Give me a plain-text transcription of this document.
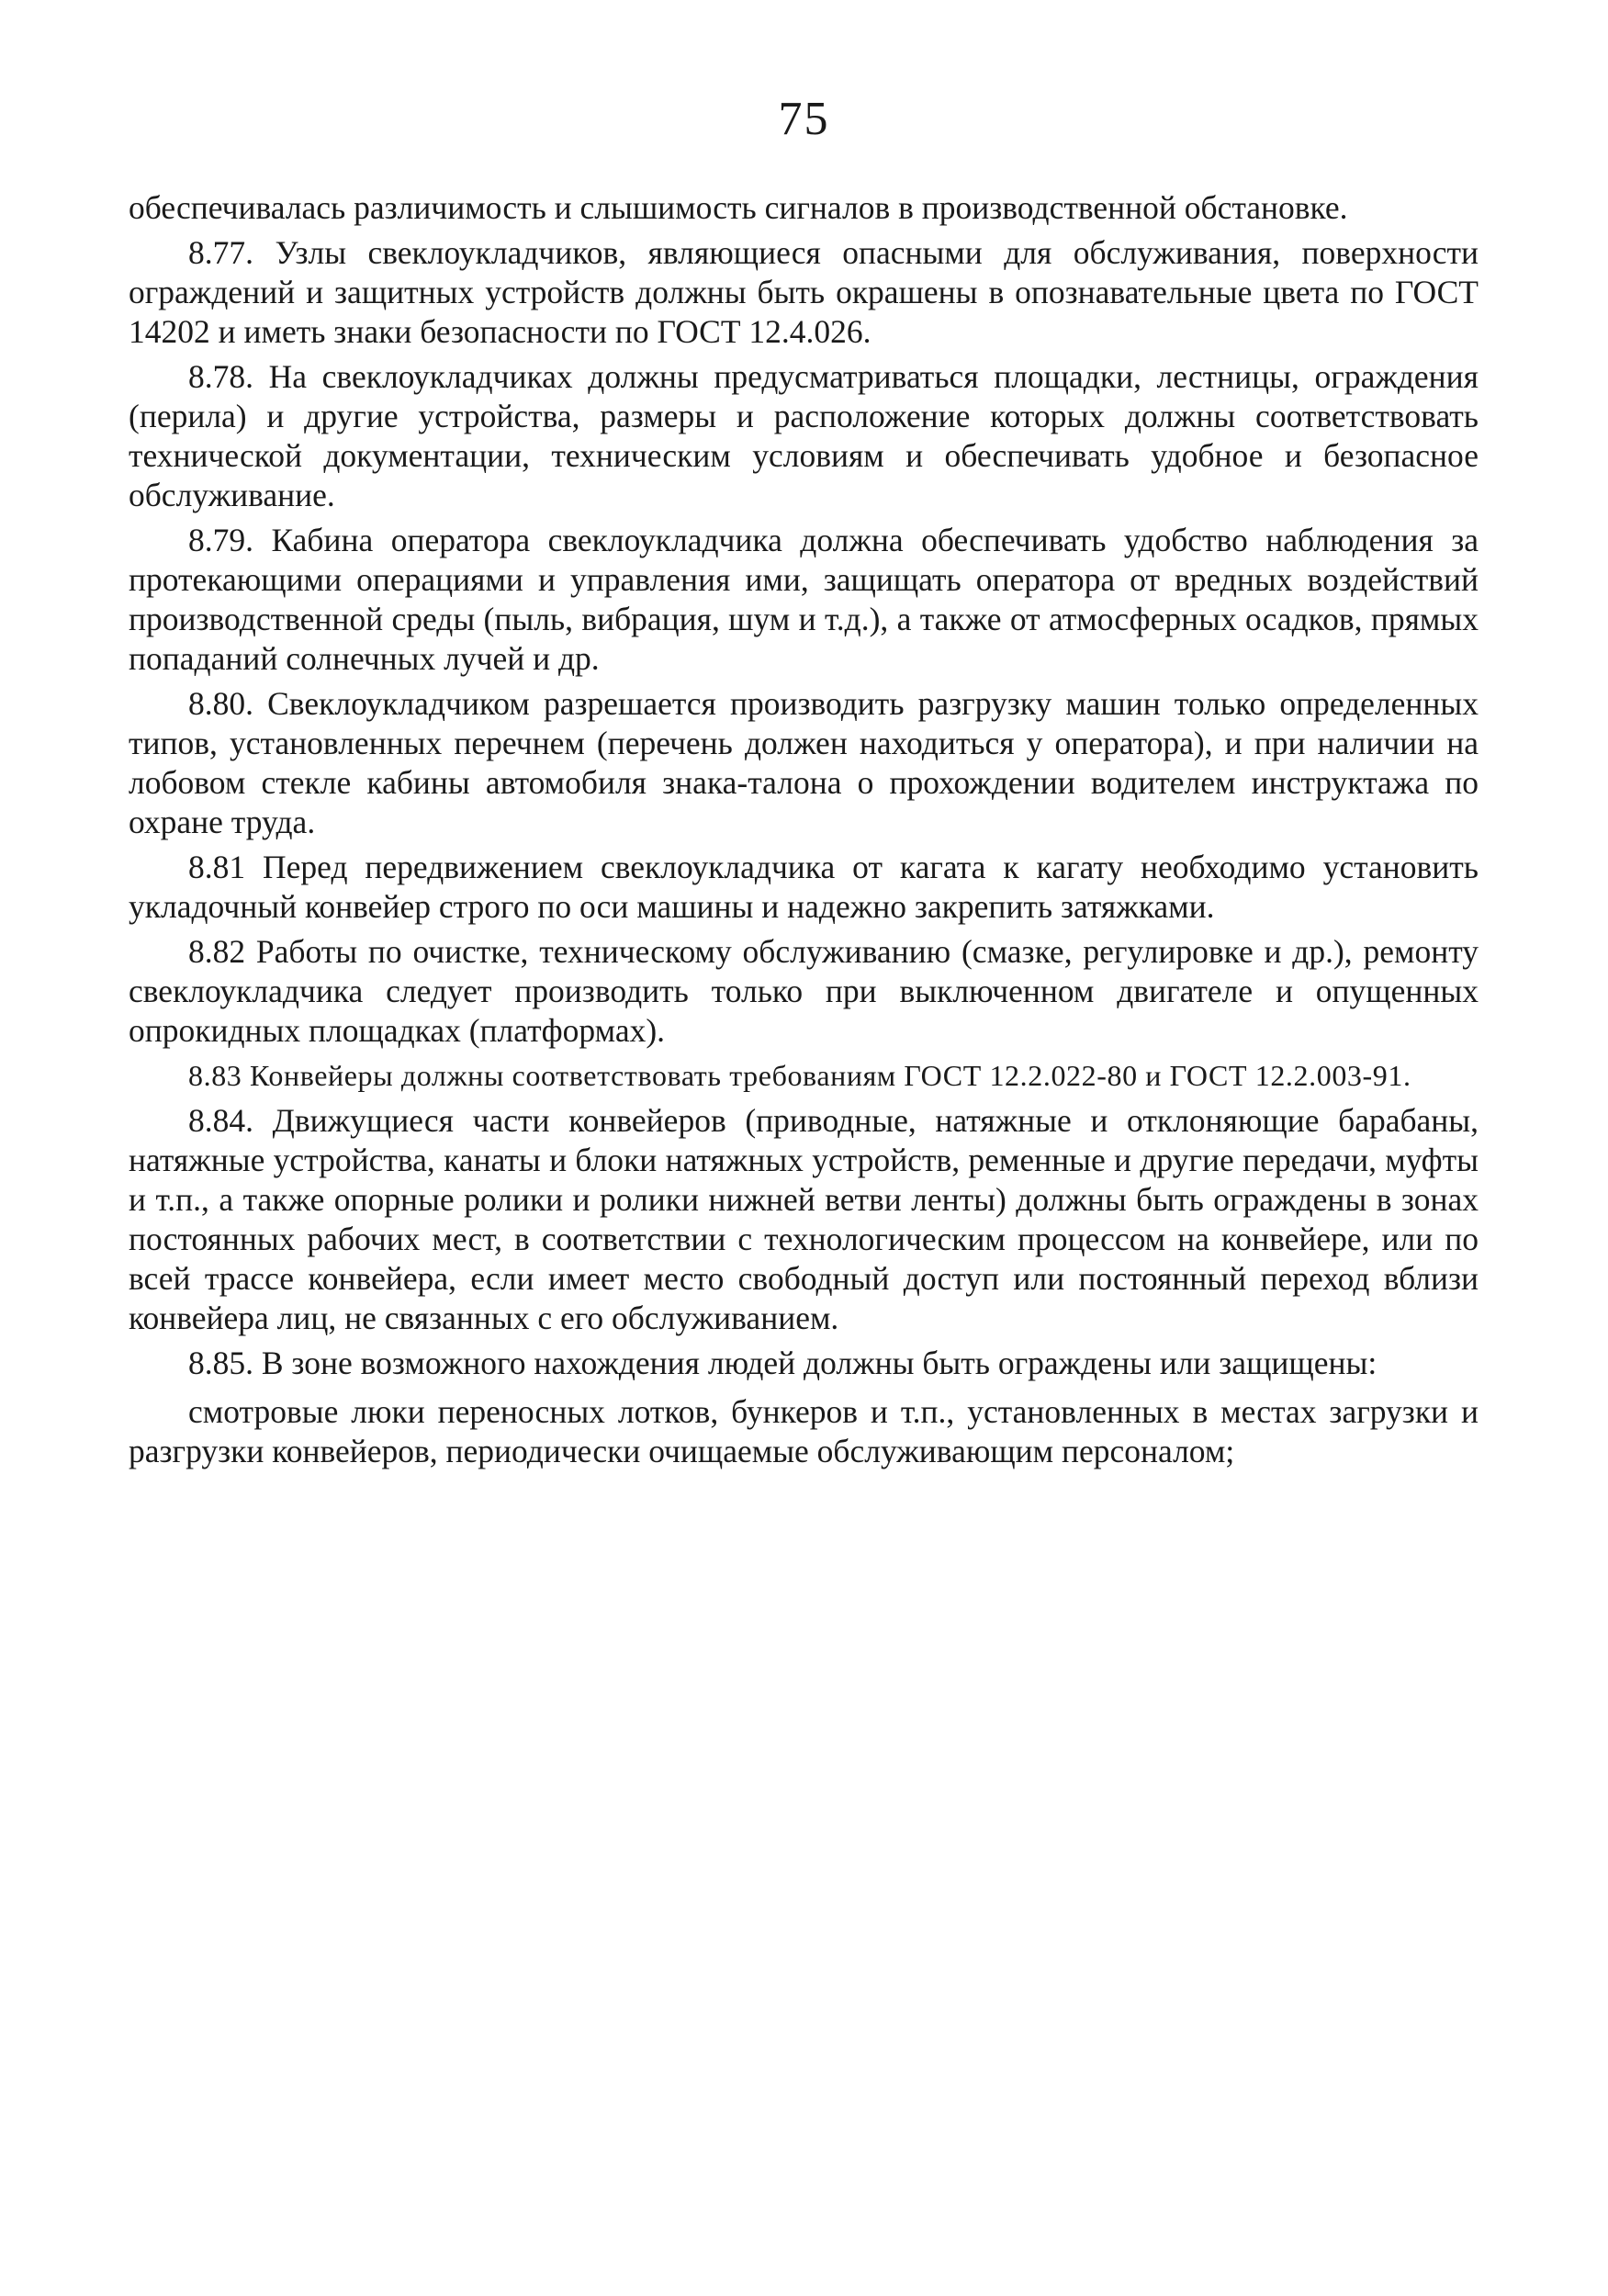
75

обеспечивалась различимость и слышимость сигналов в производственной обстановке.

8.77. Узлы свеклоукладчиков, являющиеся опасными для обслуживания, поверхности ограждений и защитных устройств должны быть окрашены в опознавательные цвета по ГОСТ 14202 и иметь знаки безопасности по ГОСТ 12.4.026.

8.78. На свеклоукладчиках должны предусматриваться площадки, лестницы, ограждения (перила) и другие устройства, размеры и расположение которых должны соответствовать технической документации, техническим условиям и обеспечивать удобное и безопасное обслуживание.

8.79. Кабина оператора свеклоукладчика должна обеспечивать удобство наблюдения за протекающими операциями и управления ими, защищать оператора от вредных воздействий производственной среды (пыль, вибрация, шум и т.д.), а также от атмосферных осадков, прямых попаданий солнечных лучей и др.

8.80. Свеклоукладчиком разрешается производить разгрузку машин только определенных типов, установленных перечнем (перечень должен находиться у оператора), и при наличии на лобовом стекле кабины автомобиля знака-талона о прохождении водителем инструктажа по охране труда.

8.81 Перед передвижением свеклоукладчика от кагата к кагату необходимо установить укладочный конвейер строго по оси машины и надежно закрепить затяжками.

8.82 Работы по очистке, техническому обслуживанию (смазке, регулировке и др.), ремонту свеклоукладчика следует производить только при выключенном двигателе и опущенных опрокидных площадках (платформах).

8.83 Конвейеры должны соответствовать требованиям ГОСТ 12.2.022-80 и ГОСТ 12.2.003-91.

8.84. Движущиеся части конвейеров (приводные, натяжные и отклоняющие барабаны, натяжные устройства, канаты и блоки натяжных устройств, ременные и другие передачи, муфты и т.п., а также опорные ролики и ролики нижней ветви ленты) должны быть ограждены в зонах постоянных рабочих мест, в соответствии с технологическим процессом на конвейере, или по всей трассе конвейера, если имеет место свободный доступ или постоянный переход вблизи конвейера лиц, не связанных с его обслуживанием.

8.85. В зоне возможного нахождения людей должны быть ограждены или защищены:

смотровые люки переносных лотков, бункеров и т.п., установленных в местах загрузки и разгрузки конвейеров, периодически очищаемые обслуживающим персоналом;
